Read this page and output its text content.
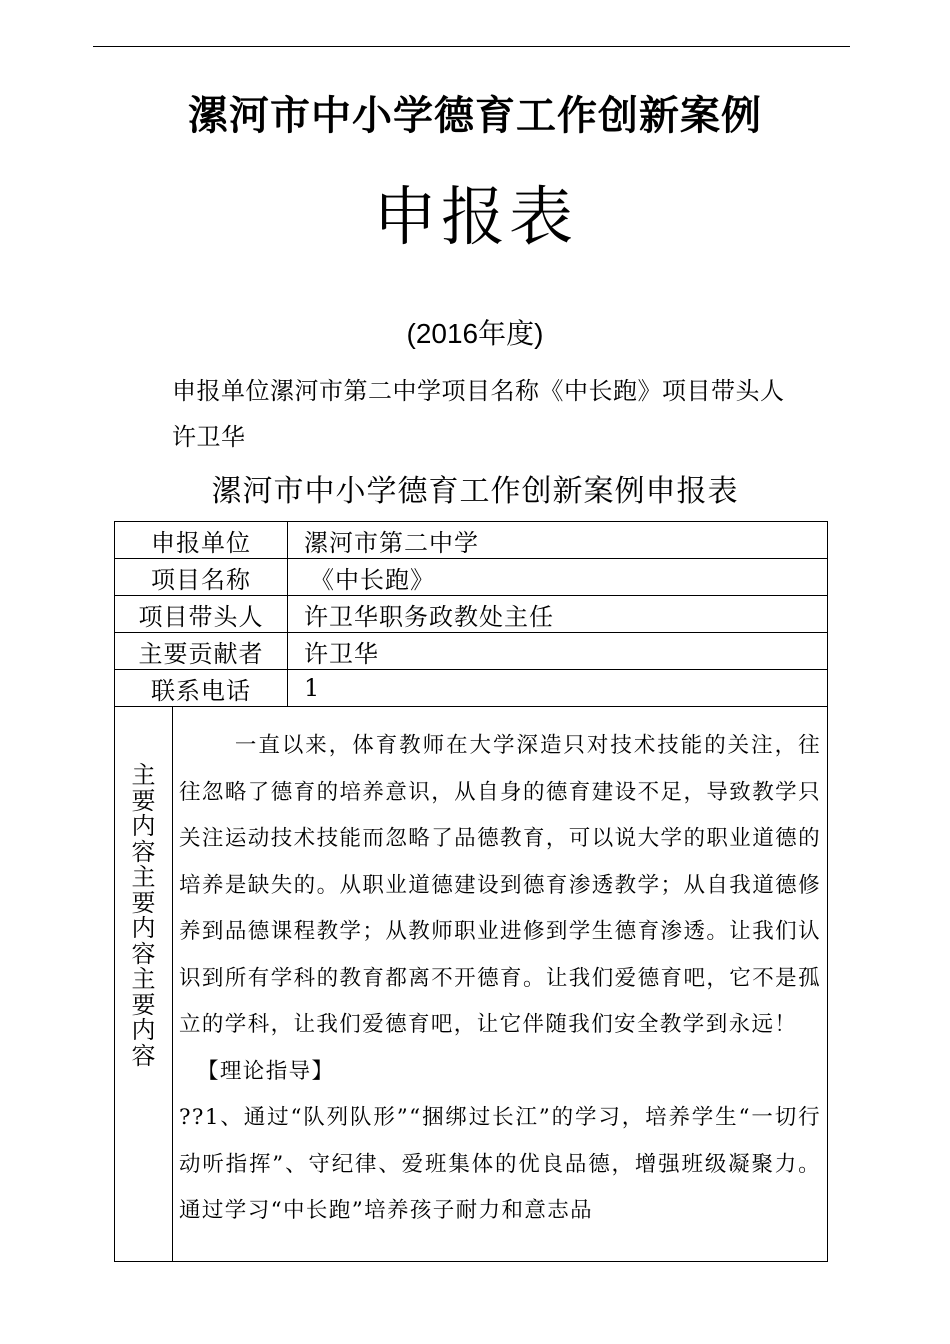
漯河市中小学德育工作创新案例
申报表
(2016年度)
申报单位漯河市第二中学项目名称《中长跑》项目带头人
许卫华
漯河市中小学德育工作创新案例申报表
申报单位		漯河市第二中学
项目名称		《中长跑》
项目带头人		许卫华职务政教处主任
主要贡献者		许卫华
联系电话		1
主要内容主要内容主要内容	一直以来，体育教师在大学深造只对技术技能的关注，往往忽略了德育的培养意识，从自身的德育建设不足，导致教学只关注运动技术技能而忽略了品德教育，可以说大学的职业道德的培养是缺失的。从职业道德建设到德育渗透教学；从自我道德修养到品德课程教学；从教师职业进修到学生德育渗透。让我们认识到所有学科的教育都离不开德育。让我们爱德育吧，它不是孤立的学科，让我们爱德育吧，让它伴随我们安全教学到永远！

【理论指导】

??1、通过“队列队形”“捆绑过长江”的学习，培养学生“一切行动听指挥”、守纪律、爱班集体的优良品德，增强班级凝聚力。通过学习“中长跑”培养孩子耐力和意志品	
